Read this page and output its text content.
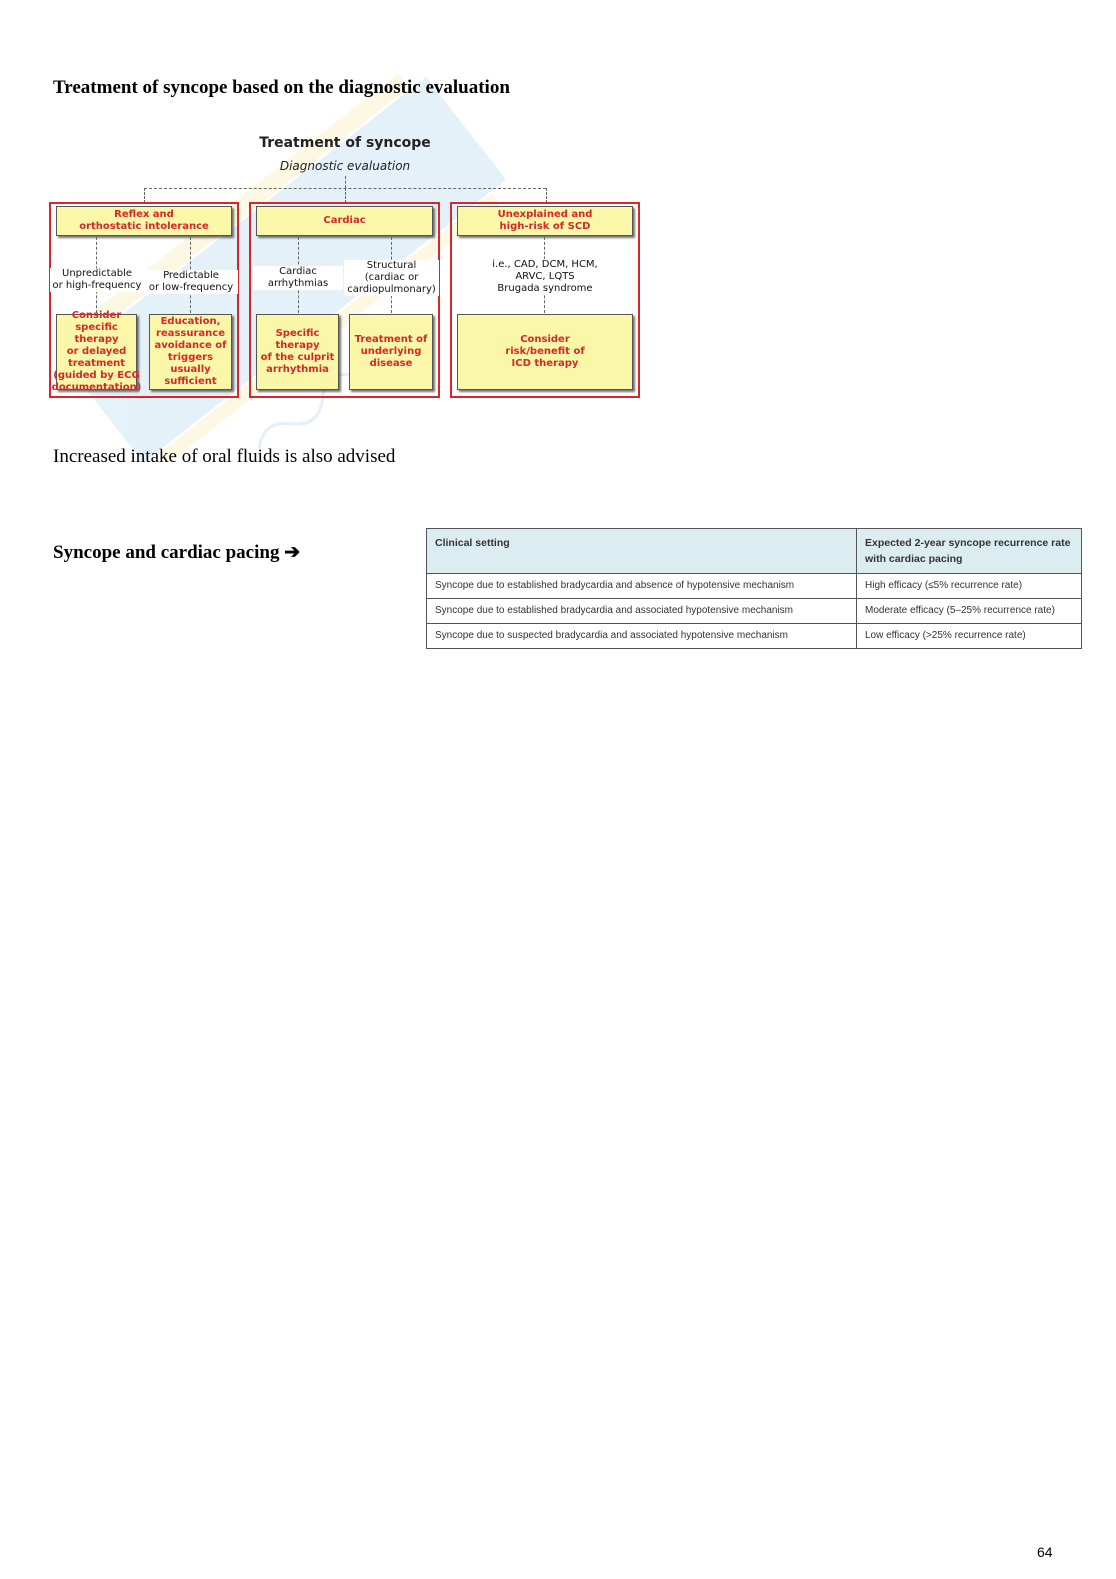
Treatment of syncope based on the diagnostic evaluation
Treatment of syncope
Diagnostic evaluation
Reflex and
orthostatic intolerance
Unpredictable
or high-frequency
Predictable
or low-frequency
Consider specific
therapy
or delayed
treatment
(guided by ECG
documentation)
Education,
reassurance
avoidance of
triggers
usually
sufficient
Cardiac
Cardiac
arrhythmias
Structural
(cardiac or
cardiopulmonary)
Specific therapy
of the culprit
arrhythmia
Treatment of
underlying
disease
Unexplained and
high-risk of SCD
i.e., CAD, DCM, HCM,
ARVC, LQTS
Brugada syndrome
Consider
risk/benefit of
ICD therapy
Increased intake of oral fluids is also advised
Syncope and cardiac pacing ➔	Clinical setting	Expected 2-year syncope recurrence rate with cardiac pacing
Syncope due to established bradycardia and absence of hypotensive mechanism	High efficacy (≤5% recurrence rate)
Syncope due to established bradycardia and associated hypotensive mechanism	Moderate efficacy (5–25% recurrence rate)
Syncope due to suspected bradycardia and associated hypotensive mechanism	Low efficacy (>25% recurrence rate)
64
